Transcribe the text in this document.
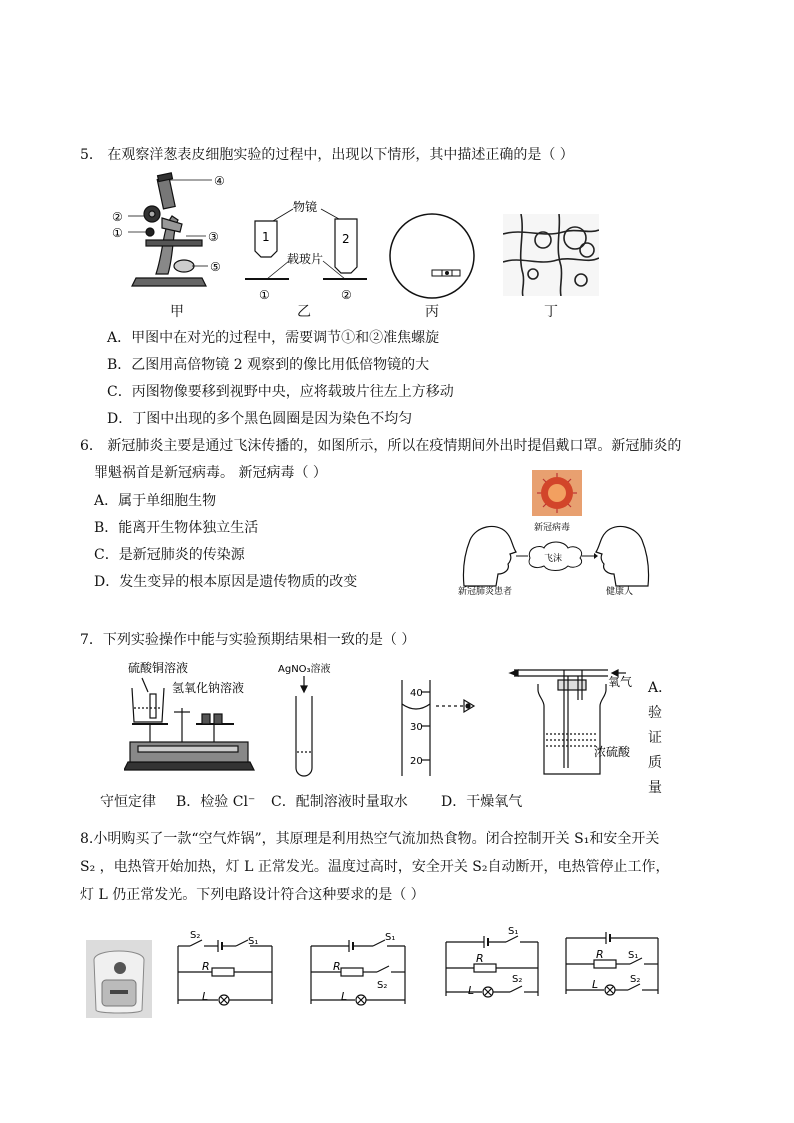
5． 在观察洋葱表皮细胞实验的过程中，出现以下情形，其中描述正确的是（ ）
④
②
①	③
⑤
甲
物镜
1	2
载玻片
①	②
乙	丙	丁
A．甲图中在对光的过程中，需要调节①和②准焦螺旋
B．乙图用高倍物镜 2 观察到的像比用低倍物镜的大
C．丙图物像要移到视野中央，应将载玻片往左上方移动
D．丁图中出现的多个黑色圆圈是因为染色不均匀
6． 新冠肺炎主要是通过飞沫传播的，如图所示，所以在疫情期间外出时提倡戴口罩。新冠肺炎的
罪魁祸首是新冠病毒。 新冠病毒（ ）
A．属于单细胞生物
B．能离开生物体独立生活
C．是新冠肺炎的传染源
D．发生变异的根本原因是遗传物质的改变
新冠病毒
飞沫
新冠肺炎患者	健康人
7．下列实验操作中能与实验预期结果相一致的是（ ）
硫酸铜溶液
氢氧化钠溶液
AgNO₃溶液
40
30
20
氧气
浓硫酸
A．验证质量
守恒定律 B．检验 Cl⁻ C．配制溶液时量取水 D．干燥氧气
8.小明购买了一款“空气炸锅”，其原理是利用热空气流加热食物。闭合控制开关 S₁和安全开关
S₂ ，电热管开始加热，灯 L 正常发光。温度过高时，安全开关 S₂自动断开，电热管停止工作，
灯 L 仍正常发光。下列电路设计符合这种要求的是（ ）
S₂
S₁
R
L
S₁
R
S₂
L
S₁
R
S₂
L
S₁
R
S₂
L
